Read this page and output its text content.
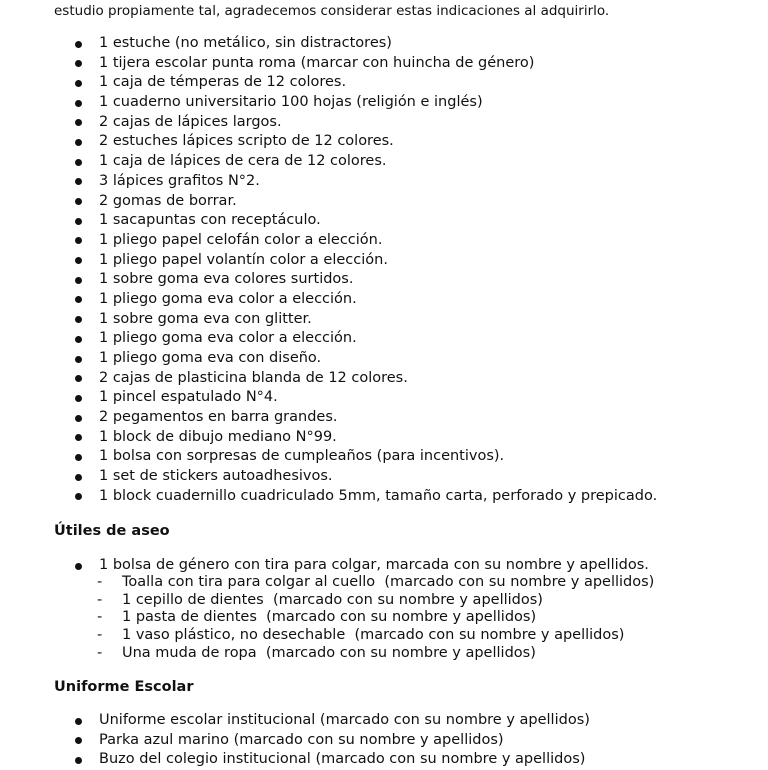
estudio propiamente tal, agradecemos considerar estas indicaciones al adquirirlo.

1 estuche (no metálico, sin distractores)
1 tijera escolar punta roma (marcar con huincha de género)
1 caja de témperas de 12 colores.
1 cuaderno universitario 100 hojas (religión e inglés)
2 cajas de lápices largos.
2 estuches lápices scripto de 12 colores.
1 caja de lápices de cera de 12 colores.
3 lápices grafitos N°2.
2 gomas de borrar.
1 sacapuntas con receptáculo.
1 pliego papel celofán color a elección.
1 pliego papel volantín color a elección.
1 sobre goma eva colores surtidos.
1 pliego goma eva color a elección.
1 sobre goma eva con glitter.
1 pliego goma eva color a elección.
1 pliego goma eva con diseño.
2 cajas de plasticina blanda de 12 colores.
1 pincel espatulado N°4.
2 pegamentos en barra grandes.
1 block de dibujo mediano N°99.
1 bolsa con sorpresas de cumpleaños (para incentivos).
1 set de stickers autoadhesivos.
1 block cuadernillo cuadriculado 5mm, tamaño carta, perforado y prepicado.
Útiles de aseo
1 bolsa de género con tira para colgar, marcada con su nombre y apellidos.
- Toalla con tira para colgar al cuello  (marcado con su nombre y apellidos)
- 1 cepillo de dientes  (marcado con su nombre y apellidos)
- 1 pasta de dientes  (marcado con su nombre y apellidos)
- 1 vaso plástico, no desechable  (marcado con su nombre y apellidos)
- Una muda de ropa  (marcado con su nombre y apellidos)
Uniforme Escolar
Uniforme escolar institucional (marcado con su nombre y apellidos)
Parka azul marino (marcado con su nombre y apellidos)
Buzo del colegio institucional (marcado con su nombre y apellidos)
